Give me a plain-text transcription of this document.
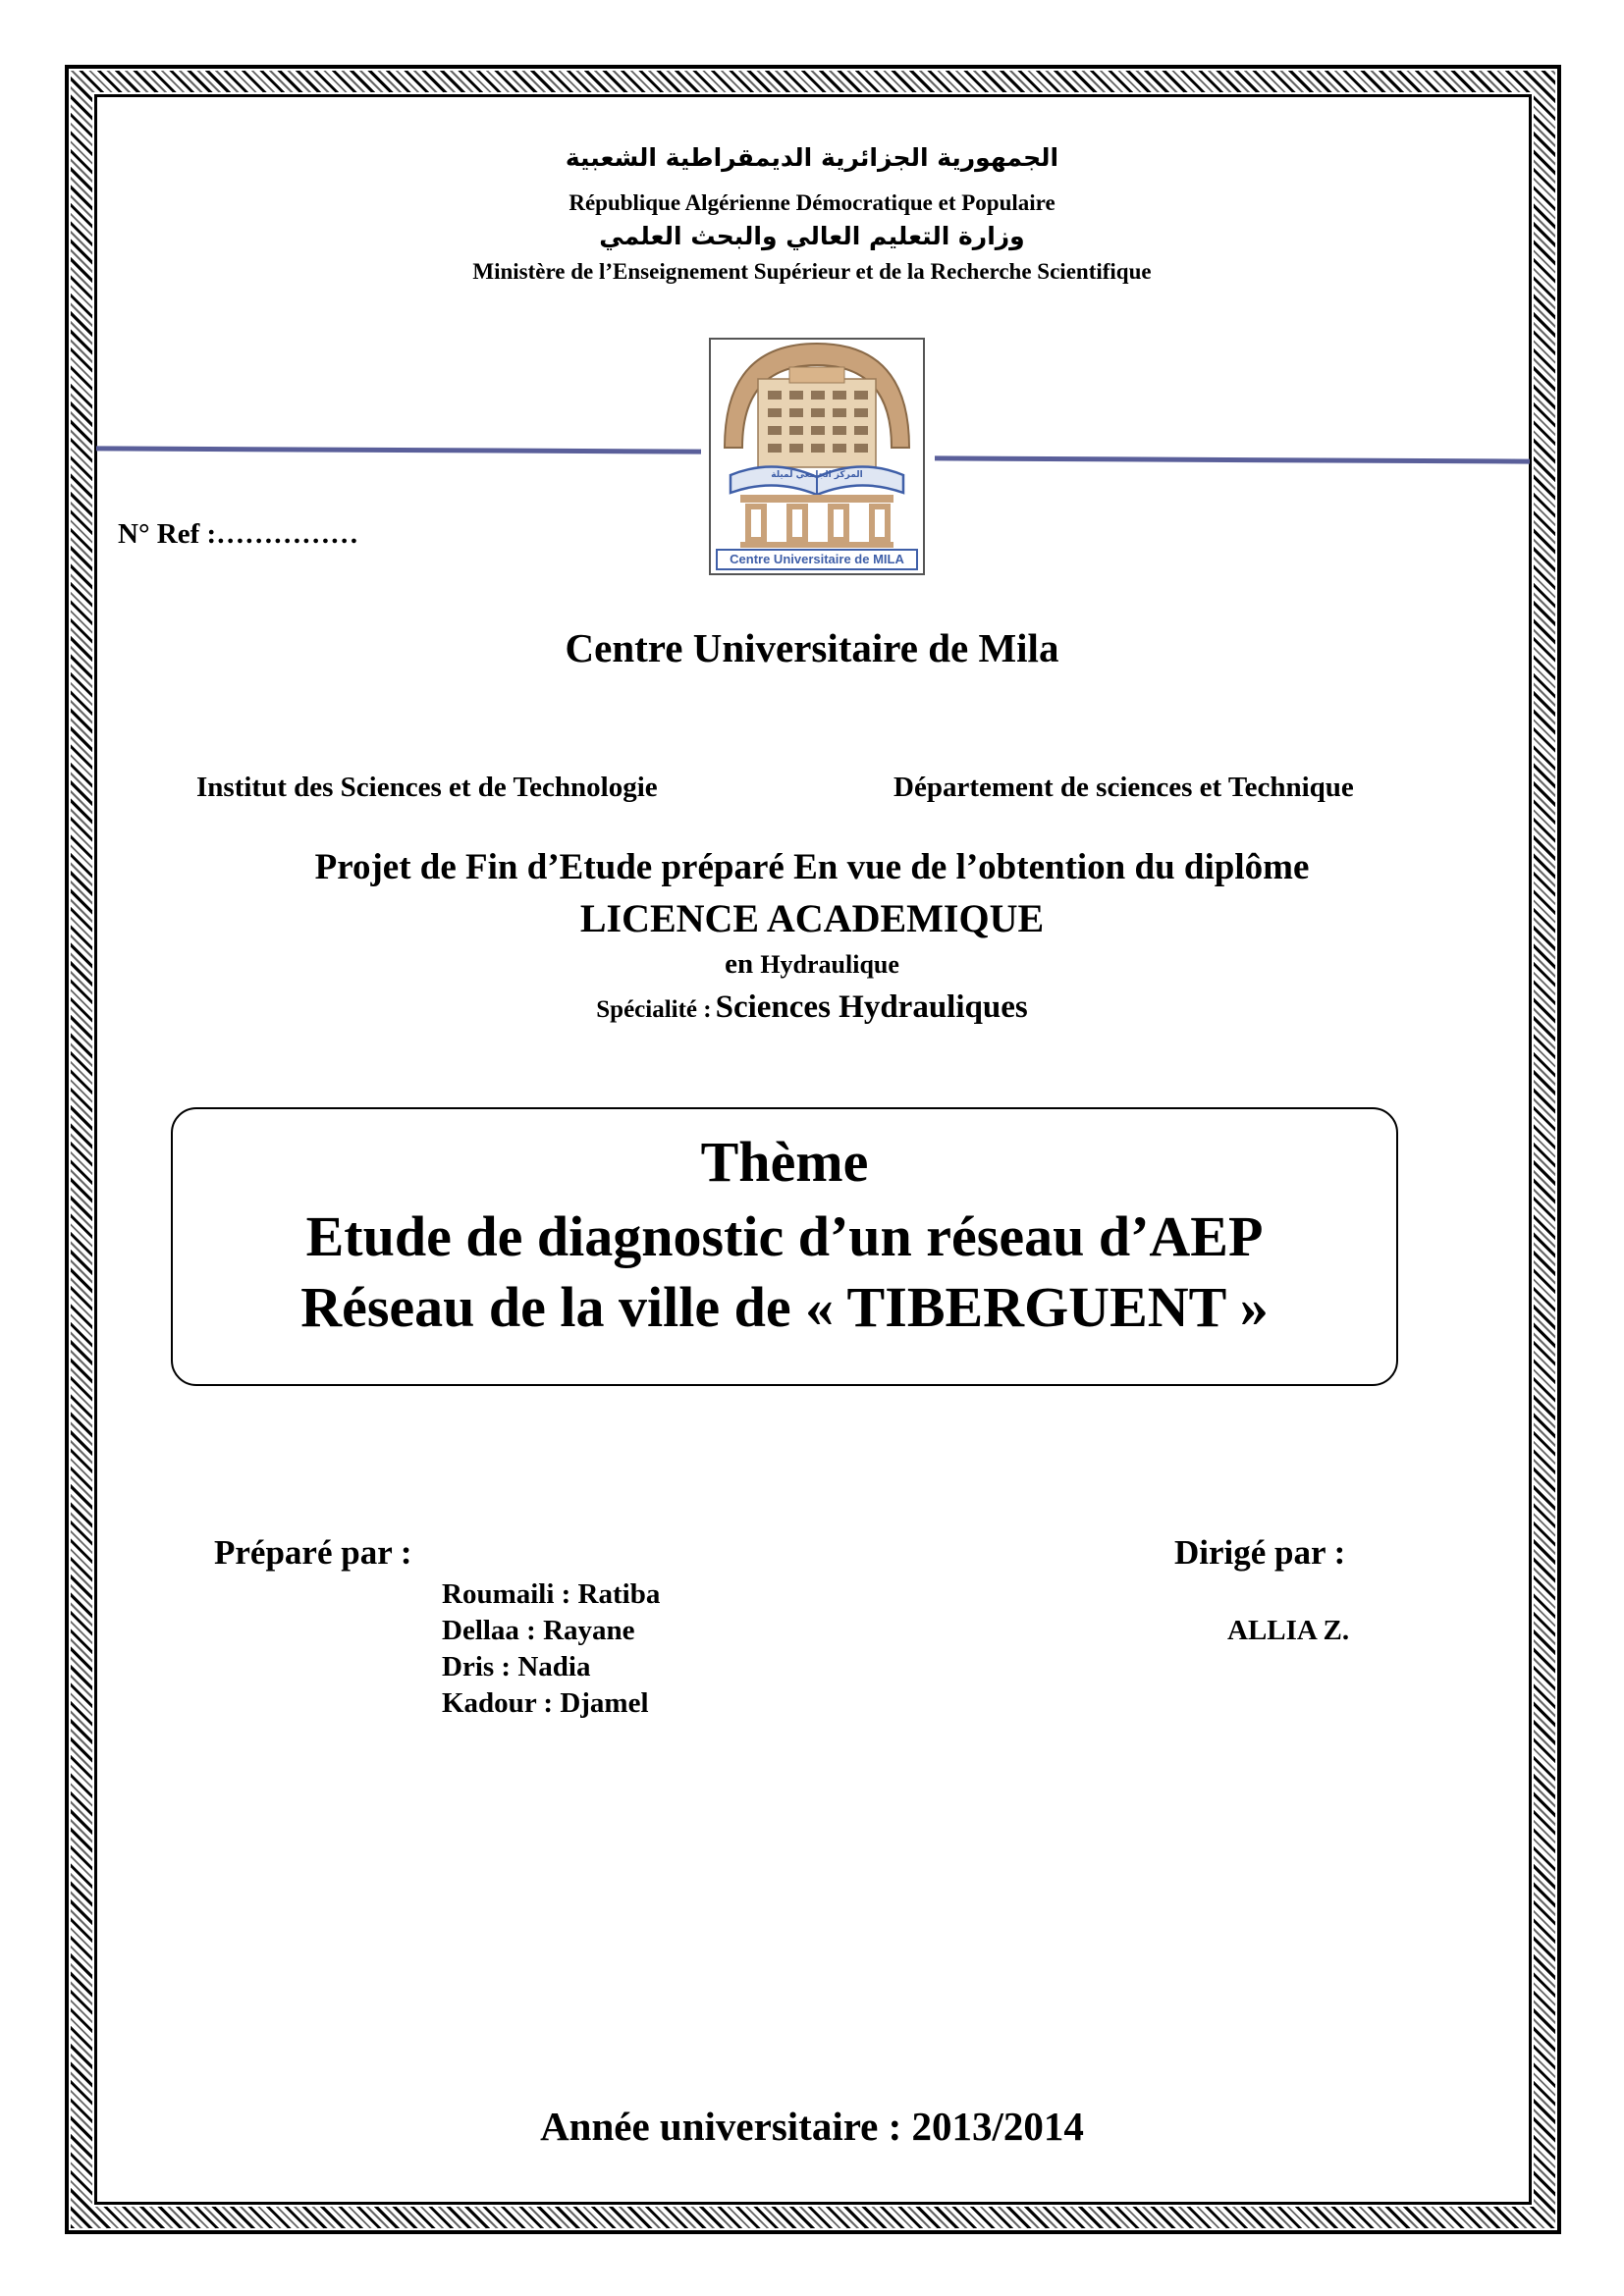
الجمهورية الجزائرية الديمقراطية الشعبية
République Algérienne Démocratique et Populaire
وزارة التعليم العالي والبحث العلمي
Ministère de l’Enseignement Supérieur et de la Recherche Scientifique
المركز الجامعي لميلة
Centre Universitaire de MILA
N° Ref :……………
Centre Universitaire de Mila
Institut des Sciences et de Technologie	Département de sciences et Technique
Projet de Fin d’Etude préparé En vue de l’obtention du diplôme
LICENCE ACADEMIQUE
en Hydraulique
Spécialité : Sciences Hydrauliques
Thème
Etude de diagnostic d’un réseau d’AEP
Réseau de la ville de « TIBERGUENT »
Préparé par :
Roumaili : Ratiba
Dellaa : Rayane
Dris : Nadia
Kadour : Djamel
Dirigé par :
ALLIA Z.
Année universitaire : 2013/2014
